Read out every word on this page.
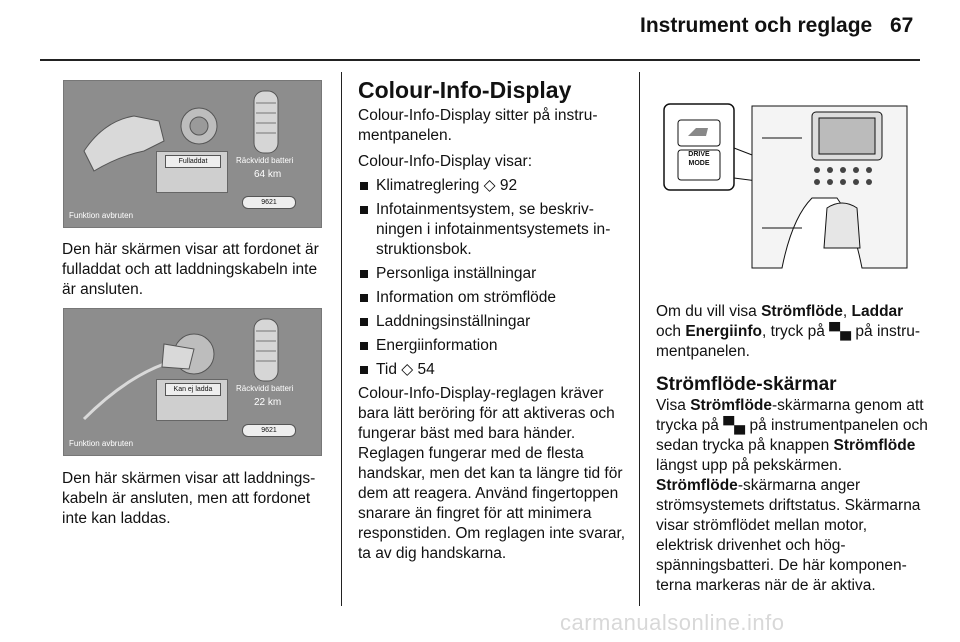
Instrument och reglage 67
Fulladdat	Räckvidd batteri
64 km
9621
Funktion avbruten

Den här skärmen visar att fordonet är fulladdat och att laddningskabeln inte är ansluten.

Kan ej ladda	Räckvidd batteri
22 km
9621
Funktion avbruten

Den här skärmen visar att laddningskabeln är ansluten, men att fordonet inte kan laddas.

Colour-Info-Display

Colour-Info-Display sitter på instrumentpanelen.

Colour-Info-Display visar:

Klimatreglering ◇ 92
Infotainmentsystem, se beskrivningen i infotainmentsystemets instruktionsbok.
Personliga inställningar
Information om strömflöde
Laddningsinställningar
Energiinformation
Tid ◇ 54

Colour-Info-Display-reglagen kräver bara lätt beröring för att aktiveras och fungerar bäst med bara händer. Reglagen fungerar med de flesta handskar, men det kan ta längre tid för dem att reagera. Använd fingertoppen snarare än fingret för att minimera responstiden. Om reglagen inte svarar, ta av dig handskarna.

DRIVE MODE

Om du vill visa Strömflöde, Laddar och Energiinfo, tryck på ▀▄ på instrumentpanelen.

Strömflöde-skärmar

Visa Strömflöde-skärmarna genom att trycka på ▀▄ på instrumentpanelen och sedan trycka på knappen Strömflöde längst upp på pekskärmen. Strömflöde-skärmarna anger strömsystemets driftstatus. Skärmarna visar strömflödet mellan motor, elektrisk drivenhet och högspänningsbatteri. De här komponenterna markeras när de är aktiva.

carmanualsonline.info
